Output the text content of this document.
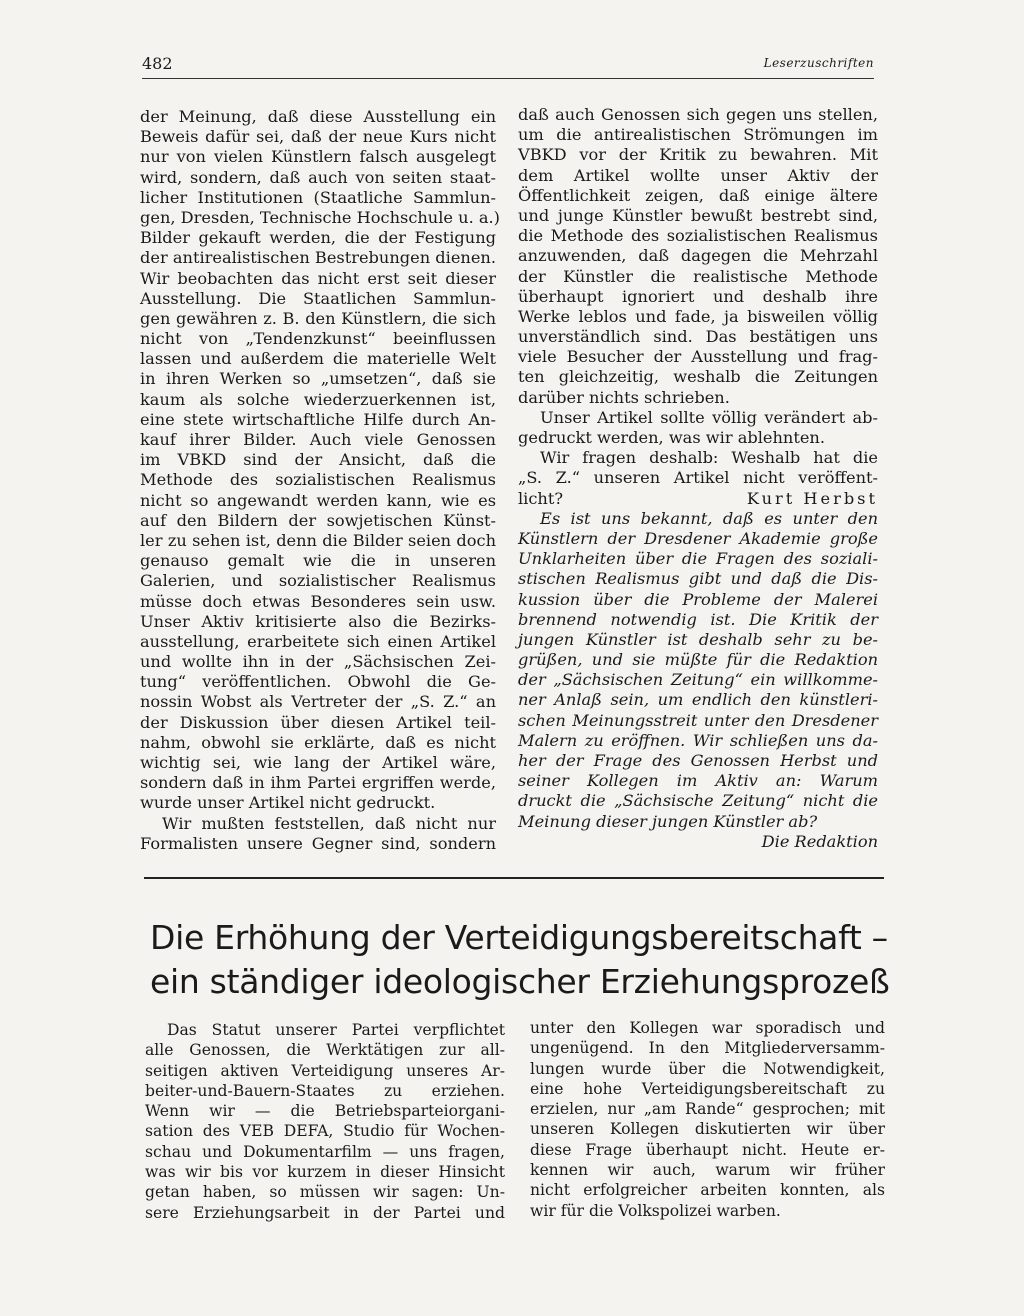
482	Leserzuschriften
der Meinung, daß diese Ausstellung ein
Beweis dafür sei, daß der neue Kurs nicht
nur von vielen Künstlern falsch ausgelegt
wird, sondern, daß auch von seiten staat-
licher Institutionen (Staatliche Sammlun-
gen, Dresden, Technische Hochschule u. a.)
Bilder gekauft werden, die der Festigung
der antirealistischen Bestrebungen dienen.
Wir beobachten das nicht erst seit dieser
Ausstellung. Die Staatlichen Sammlun-
gen gewähren z. B. den Künstlern, die sich
nicht von „Tendenzkunst“ beeinflussen
lassen und außerdem die materielle Welt
in ihren Werken so „umsetzen“, daß sie
kaum als solche wiederzuerkennen ist,
eine stete wirtschaftliche Hilfe durch An-
kauf ihrer Bilder. Auch viele Genossen
im VBKD sind der Ansicht, daß die
Methode des sozialistischen Realismus
nicht so angewandt werden kann, wie es
auf den Bildern der sowjetischen Künst-
ler zu sehen ist, denn die Bilder seien doch
genauso gemalt wie die in unseren
Galerien, und sozialistischer Realismus
müsse doch etwas Besonderes sein usw.
Unser Aktiv kritisierte also die Bezirks-
ausstellung, erarbeitete sich einen Artikel
und wollte ihn in der „Sächsischen Zei-
tung“ veröffentlichen. Obwohl die Ge-
nossin Wobst als Vertreter der „S. Z.“ an
der Diskussion über diesen Artikel teil-
nahm, obwohl sie erklärte, daß es nicht
wichtig sei, wie lang der Artikel wäre,
sondern daß in ihm Partei ergriffen werde,
wurde unser Artikel nicht gedruckt.
Wir mußten feststellen, daß nicht nur
Formalisten unsere Gegner sind, sondern
daß auch Genossen sich gegen uns stellen,
um die antirealistischen Strömungen im
VBKD vor der Kritik zu bewahren. Mit
dem Artikel wollte unser Aktiv der
Öffentlichkeit zeigen, daß einige ältere
und junge Künstler bewußt bestrebt sind,
die Methode des sozialistischen Realismus
anzuwenden, daß dagegen die Mehrzahl
der Künstler die realistische Methode
überhaupt ignoriert und deshalb ihre
Werke leblos und fade, ja bisweilen völlig
unverständlich sind. Das bestätigen uns
viele Besucher der Ausstellung und frag-
ten gleichzeitig, weshalb die Zeitungen
darüber nichts schrieben.
Unser Artikel sollte völlig verändert ab-
gedruckt werden, was wir ablehnten.
Wir fragen deshalb: Weshalb hat die
„S. Z.“ unseren Artikel nicht veröffent-
licht?	Kurt Herbst
Es ist uns bekannt, daß es unter den
Künstlern der Dresdener Akademie große
Unklarheiten über die Fragen des soziali-
stischen Realismus gibt und daß die Dis-
kussion über die Probleme der Malerei
brennend notwendig ist. Die Kritik der
jungen Künstler ist deshalb sehr zu be-
grüßen, und sie müßte für die Redaktion
der „Sächsischen Zeitung“ ein willkomme-
ner Anlaß sein, um endlich den künstleri-
schen Meinungsstreit unter den Dresdener
Malern zu eröffnen. Wir schließen uns da-
her der Frage des Genossen Herbst und
seiner Kollegen im Aktiv an: Warum
druckt die „Sächsische Zeitung“ nicht die
Meinung dieser jungen Künstler ab?
Die Redaktion
Die Erhöhung der Verteidigungsbereitschaft –
ein ständiger ideologischer Erziehungsprozeß
Das Statut unserer Partei verpflichtet
alle Genossen, die Werktätigen zur all-
seitigen aktiven Verteidigung unseres Ar-
beiter-und-Bauern-Staates zu erziehen.
Wenn wir — die Betriebsparteiorgani-
sation des VEB DEFA, Studio für Wochen-
schau und Dokumentarfilm — uns fragen,
was wir bis vor kurzem in dieser Hinsicht
getan haben, so müssen wir sagen: Un-
sere Erziehungsarbeit in der Partei und
unter den Kollegen war sporadisch und
ungenügend. In den Mitgliederversamm-
lungen wurde über die Notwendigkeit,
eine hohe Verteidigungsbereitschaft zu
erzielen, nur „am Rande“ gesprochen; mit
unseren Kollegen diskutierten wir über
diese Frage überhaupt nicht. Heute er-
kennen wir auch, warum wir früher
nicht erfolgreicher arbeiten konnten, als
wir für die Volkspolizei warben.
